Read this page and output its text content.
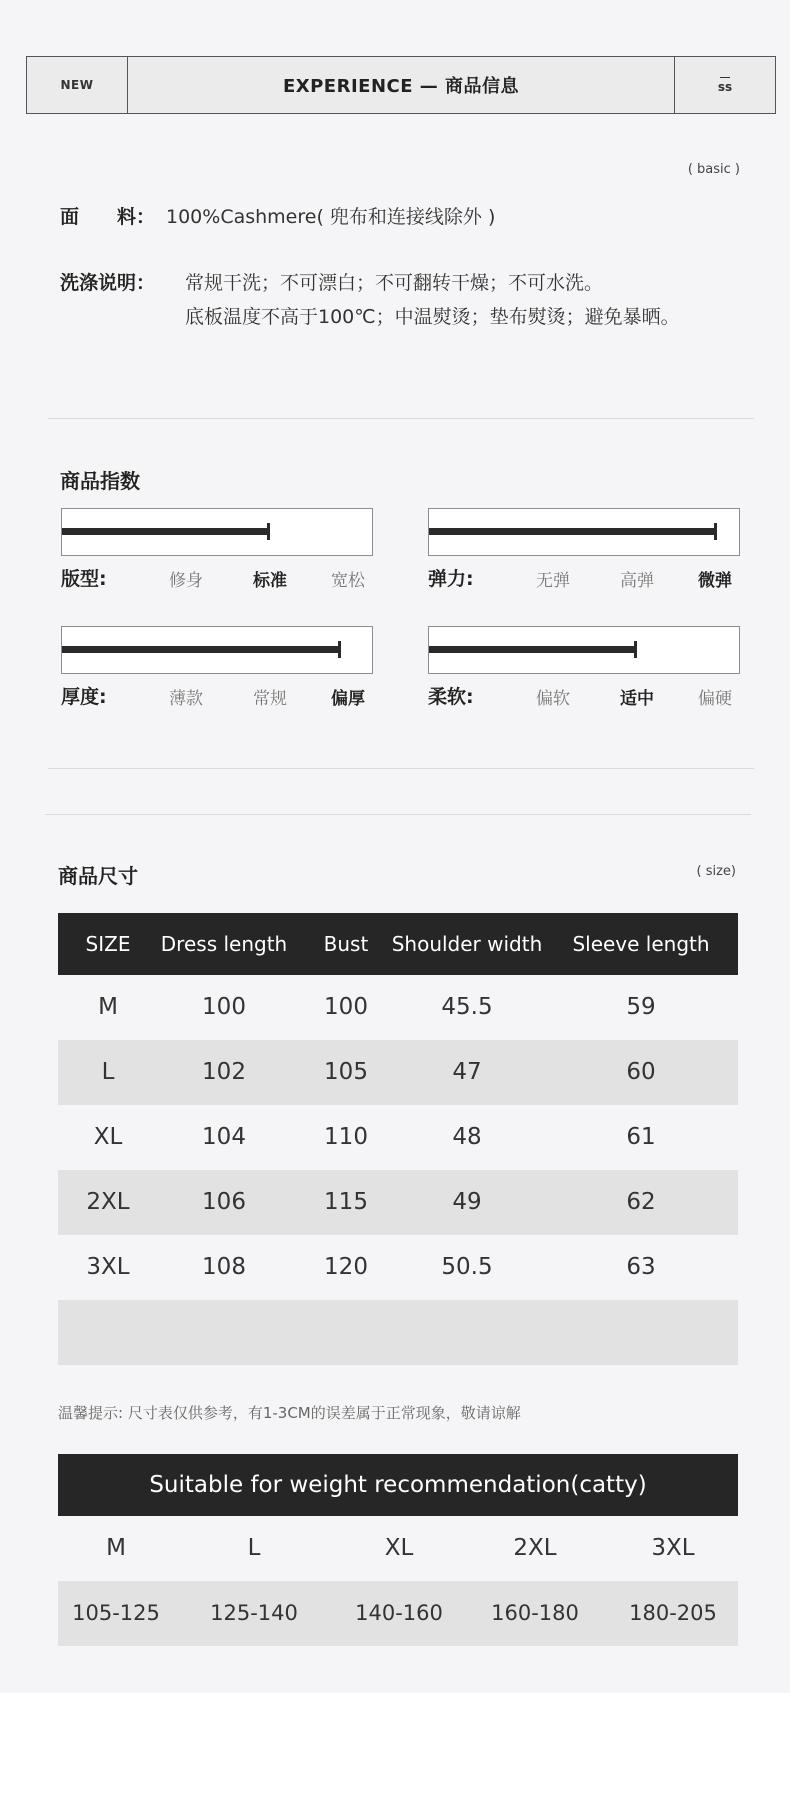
NEW	EXPERIENCE — 商品信息	ss
( basic )
面　　料： 100%Cashmere( 兜布和连接线除外 )
洗涤说明： 常规干洗；不可漂白；不可翻转干燥；不可水洗。
底板温度不高于100℃；中温熨烫；垫布熨烫；避免暴晒。
商品指数
版型:	修身	标准	宽松	弹力:	无弹	高弹	微弹
厚度:	薄款	常规	偏厚	柔软:	偏软	适中	偏硬
商品尺寸	( size)
SIZE	Dress length	Bust	Shoulder width	Sleeve length
M	100	100	45.5	59
L	102	105	47	60
XL	104	110	48	61
2XL	106	115	49	62
3XL	108	120	50.5	63
温馨提示: 尺寸表仅供参考，有1-3CM的误差属于正常现象，敬请谅解
Suitable for weight recommendation(catty)
M	L	XL	2XL	3XL
105-125	125-140	140-160	160-180	180-205
